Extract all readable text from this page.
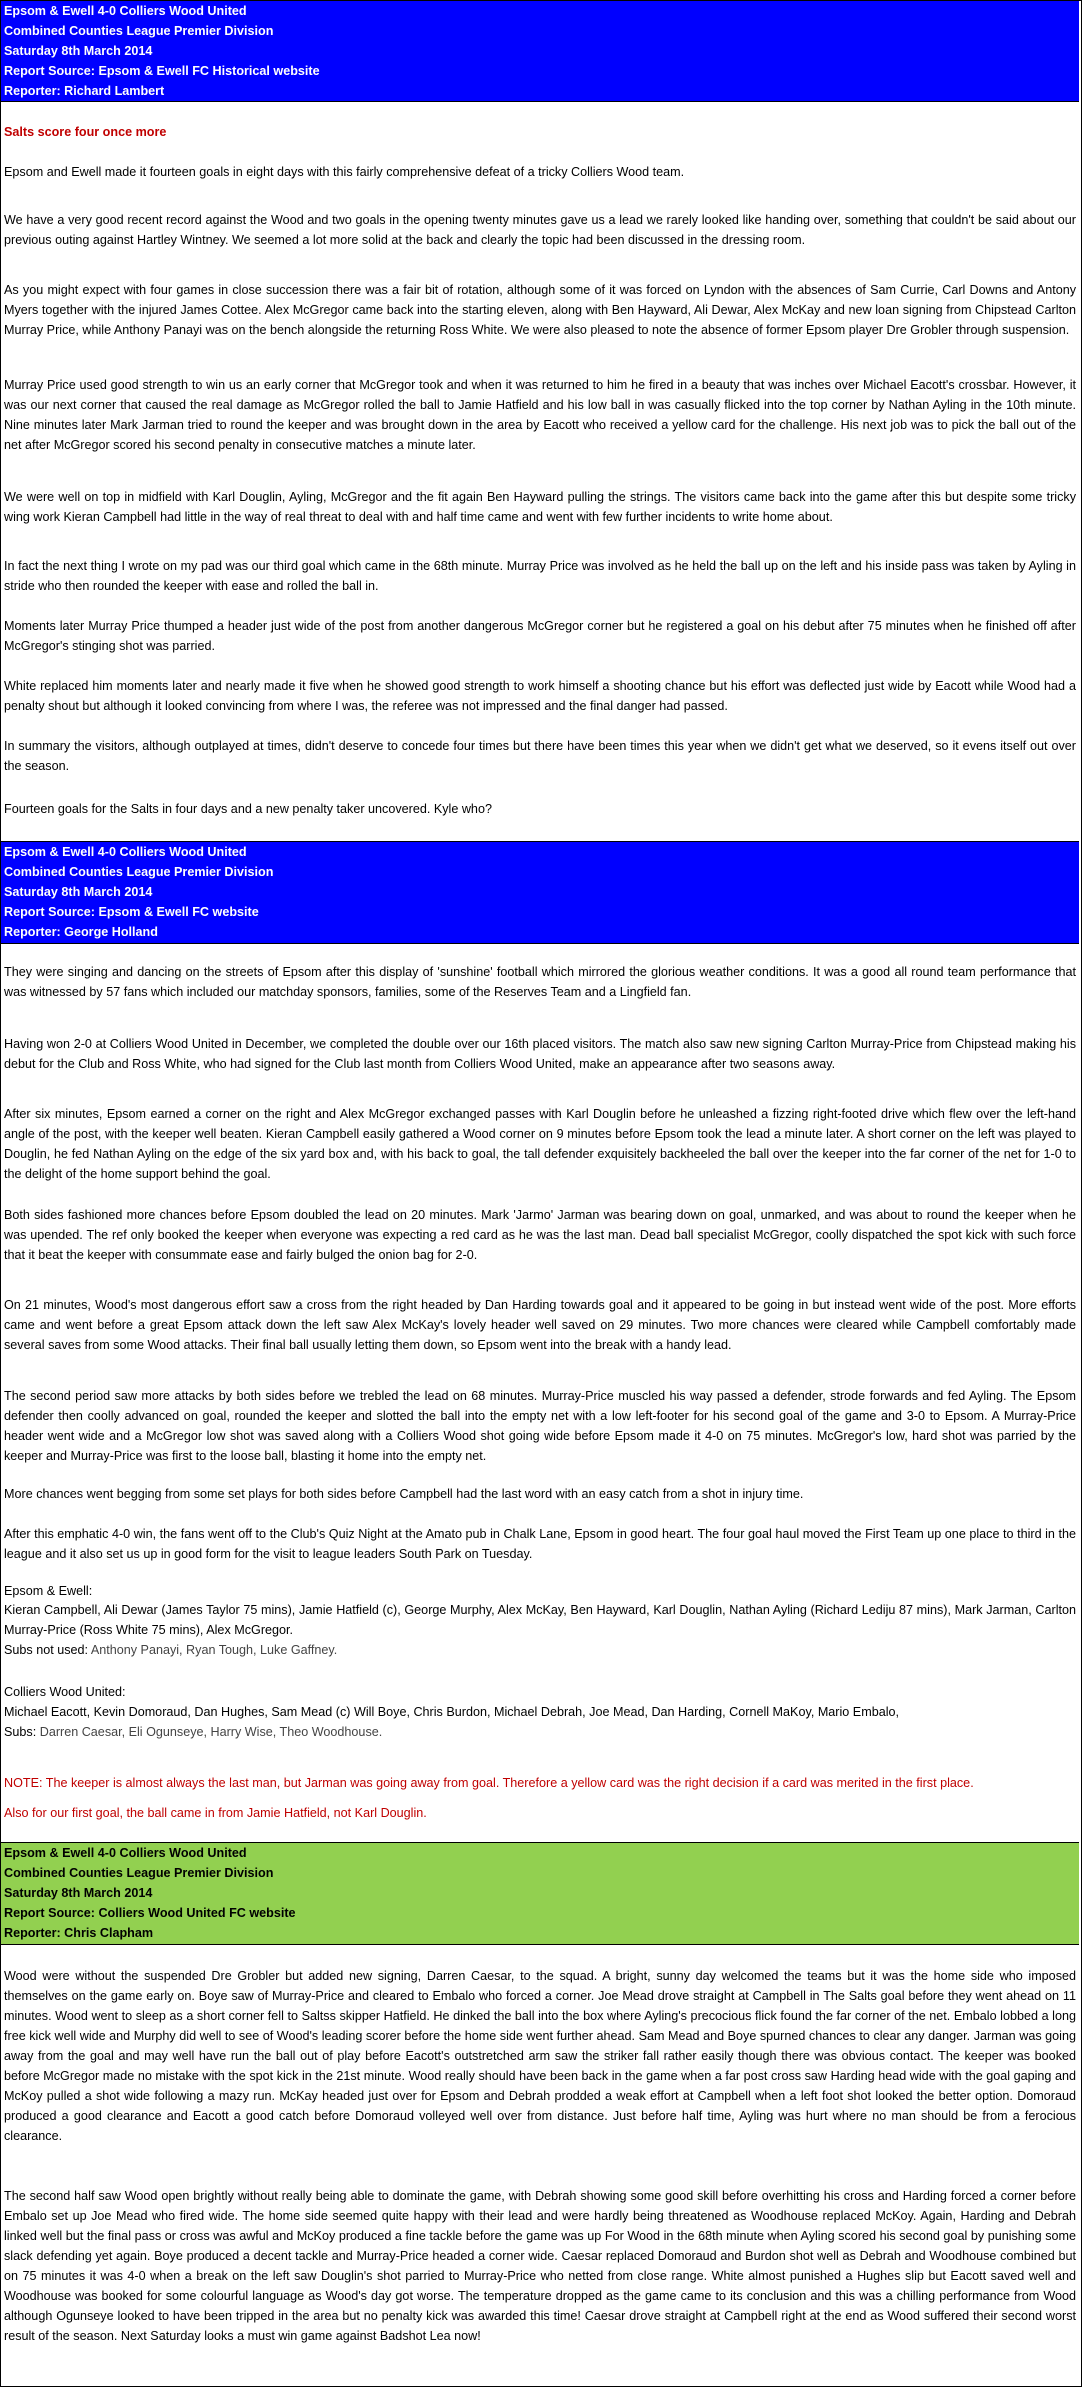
Epsom & Ewell 4-0 Colliers Wood United
Combined Counties League Premier Division
Saturday 8th March 2014
Report Source: Epsom & Ewell FC Historical website
Reporter: Richard Lambert

Salts score four once more

Epsom and Ewell made it fourteen goals in eight days with this fairly comprehensive defeat of a tricky Colliers Wood team.

We have a very good recent record against the Wood and two goals in the opening twenty minutes gave us a lead we rarely looked like handing over, something that couldn't be said about our previous outing against Hartley Wintney. We seemed a lot more solid at the back and clearly the topic had been discussed in the dressing room.

As you might expect with four games in close succession there was a fair bit of rotation, although some of it was forced on Lyndon with the absences of Sam Currie, Carl Downs and Antony Myers together with the injured James Cottee. Alex McGregor came back into the starting eleven, along with Ben Hayward, Ali Dewar, Alex McKay and new loan signing from Chipstead Carlton Murray Price, while Anthony Panayi was on the bench alongside the returning Ross White. We were also pleased to note the absence of former Epsom player Dre Grobler through suspension.

Murray Price used good strength to win us an early corner that McGregor took and when it was returned to him he fired in a beauty that was inches over Michael Eacott's crossbar. However, it was our next corner that caused the real damage as McGregor rolled the ball to Jamie Hatfield and his low ball in was casually flicked into the top corner by Nathan Ayling in the 10th minute. Nine minutes later Mark Jarman tried to round the keeper and was brought down in the area by Eacott who received a yellow card for the challenge. His next job was to pick the ball out of the net after McGregor scored his second penalty in consecutive matches a minute later.

We were well on top in midfield with Karl Douglin, Ayling, McGregor and the fit again Ben Hayward pulling the strings. The visitors came back into the game after this but despite some tricky wing work Kieran Campbell had little in the way of real threat to deal with and half time came and went with few further incidents to write home about.

In fact the next thing I wrote on my pad was our third goal which came in the 68th minute. Murray Price was involved as he held the ball up on the left and his inside pass was taken by Ayling in stride who then rounded the keeper with ease and rolled the ball in.

Moments later Murray Price thumped a header just wide of the post from another dangerous McGregor corner but he registered a goal on his debut after 75 minutes when he finished off after McGregor's stinging shot was parried.

White replaced him moments later and nearly made it five when he showed good strength to work himself a shooting chance but his effort was deflected just wide by Eacott while Wood had a penalty shout but although it looked convincing from where I was, the referee was not impressed and the final danger had passed.

In summary the visitors, although outplayed at times, didn't deserve to concede four times but there have been times this year when we didn't get what we deserved, so it evens itself out over the season.

Fourteen goals for the Salts in four days and a new penalty taker uncovered. Kyle who?

Epsom & Ewell 4-0 Colliers Wood United
Combined Counties League Premier Division
Saturday 8th March 2014
Report Source: Epsom & Ewell FC website
Reporter: George Holland

They were singing and dancing on the streets of Epsom after this display of 'sunshine' football which mirrored the glorious weather conditions. It was a good all round team performance that was witnessed by 57 fans which included our matchday sponsors, families, some of the Reserves Team and a Lingfield fan.

Having won 2-0 at Colliers Wood United in December, we completed the double over our 16th placed visitors. The match also saw new signing Carlton Murray-Price from Chipstead making his debut for the Club and Ross White, who had signed for the Club last month from Colliers Wood United, make an appearance after two seasons away.

After six minutes, Epsom earned a corner on the right and Alex McGregor exchanged passes with Karl Douglin before he unleashed a fizzing right-footed drive which flew over the left-hand angle of the post, with the keeper well beaten. Kieran Campbell easily gathered a Wood corner on 9 minutes before Epsom took the lead a minute later. A short corner on the left was played to Douglin, he fed Nathan Ayling on the edge of the six yard box and, with his back to goal, the tall defender exquisitely backheeled the ball over the keeper into the far corner of the net for 1-0 to the delight of the home support behind the goal.

Both sides fashioned more chances before Epsom doubled the lead on 20 minutes. Mark 'Jarmo' Jarman was bearing down on goal, unmarked, and was about to round the keeper when he was upended. The ref only booked the keeper when everyone was expecting a red card as he was the last man. Dead ball specialist McGregor, coolly dispatched the spot kick with such force that it beat the keeper with consummate ease and fairly bulged the onion bag for 2-0.

On 21 minutes, Wood's most dangerous effort saw a cross from the right headed by Dan Harding towards goal and it appeared to be going in but instead went wide of the post. More efforts came and went before a great Epsom attack down the left saw Alex McKay's lovely header well saved on 29 minutes. Two more chances were cleared while Campbell comfortably made several saves from some Wood attacks. Their final ball usually letting them down, so Epsom went into the break with a handy lead.

The second period saw more attacks by both sides before we trebled the lead on 68 minutes. Murray-Price muscled his way passed a defender, strode forwards and fed Ayling. The Epsom defender then coolly advanced on goal, rounded the keeper and slotted the ball into the empty net with a low left-footer for his second goal of the game and 3-0 to Epsom. A Murray-Price header went wide and a McGregor low shot was saved along with a Colliers Wood shot going wide before Epsom made it 4-0 on 75 minutes. McGregor's low, hard shot was parried by the keeper and Murray-Price was first to the loose ball, blasting it home into the empty net.

More chances went begging from some set plays for both sides before Campbell had the last word with an easy catch from a shot in injury time.

After this emphatic 4-0 win, the fans went off to the Club's Quiz Night at the Amato pub in Chalk Lane, Epsom in good heart. The four goal haul moved the First Team up one place to third in the league and it also set us up in good form for the visit to league leaders South Park on Tuesday.

Epsom & Ewell:

Kieran Campbell, Ali Dewar (James Taylor 75 mins), Jamie Hatfield (c), George Murphy, Alex McKay, Ben Hayward, Karl Douglin, Nathan Ayling (Richard Lediju 87 mins), Mark Jarman, Carlton Murray-Price (Ross White 75 mins), Alex McGregor.

Subs not used: Anthony Panayi, Ryan Tough, Luke Gaffney.

Colliers Wood United:

Michael Eacott, Kevin Domoraud, Dan Hughes, Sam Mead (c) Will Boye, Chris Burdon, Michael Debrah, Joe Mead, Dan Harding, Cornell MaKoy, Mario Embalo,

Subs: Darren Caesar, Eli Ogunseye, Harry Wise, Theo Woodhouse.

NOTE: The keeper is almost always the last man, but Jarman was going away from goal. Therefore a yellow card was the right decision if a card was merited in the first place.

Also for our first goal, the ball came in from Jamie Hatfield, not Karl Douglin.

Epsom & Ewell 4-0 Colliers Wood United
Combined Counties League Premier Division
Saturday 8th March 2014
Report Source: Colliers Wood United FC website
Reporter: Chris Clapham

Wood were without the suspended Dre Grobler but added new signing, Darren Caesar, to the squad. A bright, sunny day welcomed the teams but it was the home side who imposed themselves on the game early on. Boye saw of Murray-Price and cleared to Embalo who forced a corner. Joe Mead drove straight at Campbell in The Salts goal before they went ahead on 11 minutes. Wood went to sleep as a short corner fell to Saltss skipper Hatfield. He dinked the ball into the box where Ayling's precocious flick found the far corner of the net. Embalo lobbed a long free kick well wide and Murphy did well to see of Wood's leading scorer before the home side went further ahead. Sam Mead and Boye spurned chances to clear any danger. Jarman was going away from the goal and may well have run the ball out of play before Eacott's outstretched arm saw the striker fall rather easily though there was obvious contact. The keeper was booked before McGregor made no mistake with the spot kick in the 21st minute. Wood really should have been back in the game when a far post cross saw Harding head wide with the goal gaping and McKoy pulled a shot wide following a mazy run. McKay headed just over for Epsom and Debrah prodded a weak effort at Campbell when a left foot shot looked the better option. Domoraud produced a good clearance and Eacott a good catch before Domoraud volleyed well over from distance. Just before half time, Ayling was hurt where no man should be from a ferocious clearance.

The second half saw Wood open brightly without really being able to dominate the game, with Debrah showing some good skill before overhitting his cross and Harding forced a corner before Embalo set up Joe Mead who fired wide. The home side seemed quite happy with their lead and were hardly being threatened as Woodhouse replaced McKoy. Again, Harding and Debrah linked well but the final pass or cross was awful and McKoy produced a fine tackle before the game was up For Wood in the 68th minute when Ayling scored his second goal by punishing some slack defending yet again. Boye produced a decent tackle and Murray-Price headed a corner wide. Caesar replaced Domoraud and Burdon shot well as Debrah and Woodhouse combined but on 75 minutes it was 4-0 when a break on the left saw Douglin's shot parried to Murray-Price who netted from close range. White almost punished a Hughes slip but Eacott saved well and Woodhouse was booked for some colourful language as Wood's day got worse. The temperature dropped as the game came to its conclusion and this was a chilling performance from Wood although Ogunseye looked to have been tripped in the area but no penalty kick was awarded this time! Caesar drove straight at Campbell right at the end as Wood suffered their second worst result of the season. Next Saturday looks a must win game against Badshot Lea now!
